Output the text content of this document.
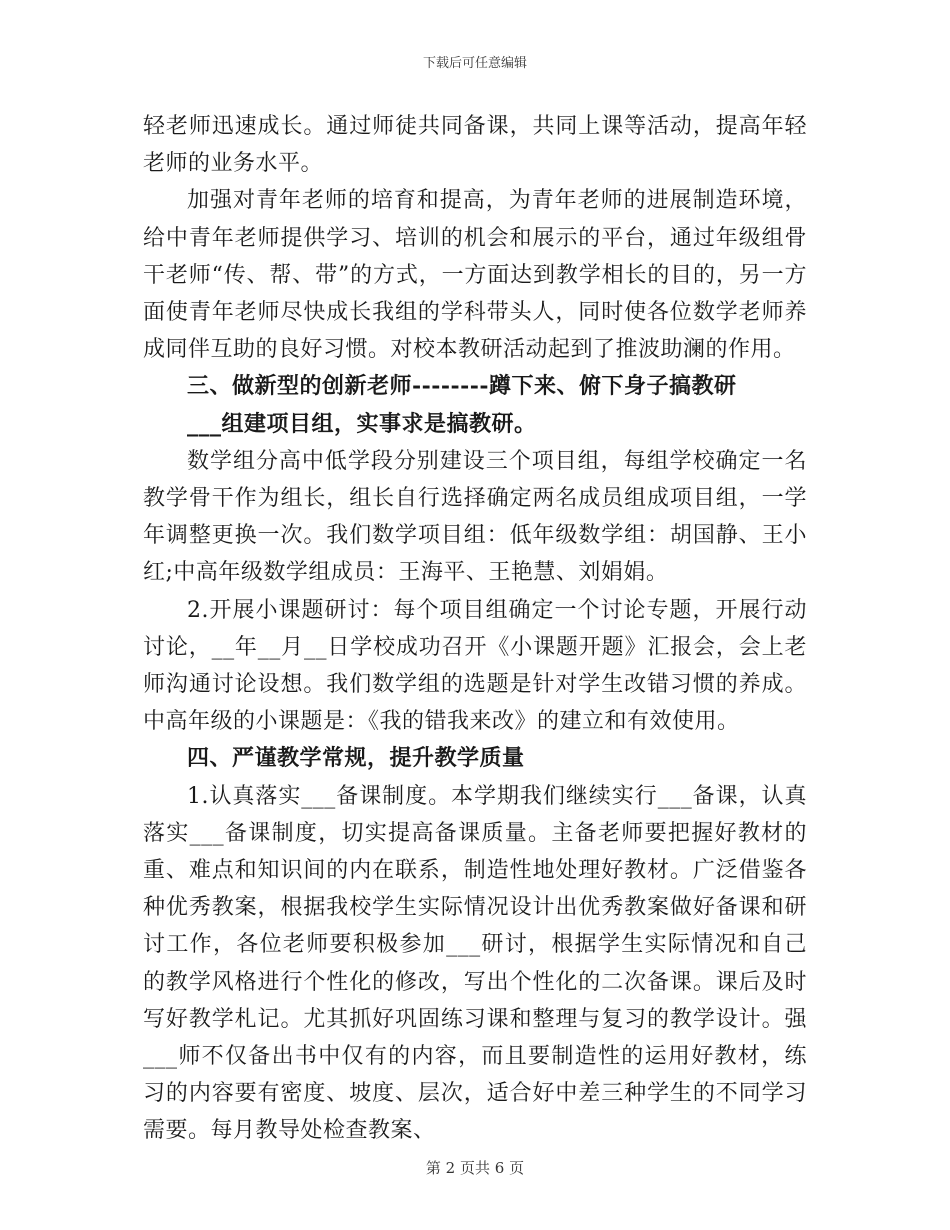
下载后可任意编辑

轻老师迅速成长。通过师徒共同备课，共同上课等活动，提高年轻老师的业务水平。

加强对青年老师的培育和提高，为青年老师的进展制造环境，给中青年老师提供学习、培训的机会和展示的平台，通过年级组骨干老师“传、帮、带”的方式，一方面达到教学相长的目的，另一方面使青年老师尽快成长我组的学科带头人，同时使各位数学老师养成同伴互助的良好习惯。对校本教研活动起到了推波助澜的作用。

三、做新型的创新老师--------蹲下来、俯下身子搞教研

___组建项目组，实事求是搞教研。

数学组分高中低学段分别建设三个项目组，每组学校确定一名教学骨干作为组长，组长自行选择确定两名成员组成项目组，一学年调整更换一次。我们数学项目组：低年级数学组：胡国静、王小红;中高年级数学组成员：王海平、王艳慧、刘娟娟。

2.开展小课题研讨：每个项目组确定一个讨论专题，开展行动讨论，__年__月__日学校成功召开《小课题开题》汇报会，会上老师沟通讨论设想。我们数学组的选题是针对学生改错习惯的养成。中高年级的小课题是：《我的错我来改》的建立和有效使用。

四、严谨教学常规，提升教学质量

1.认真落实___备课制度。本学期我们继续实行___备课，认真落实___备课制度，切实提高备课质量。主备老师要把握好教材的重、难点和知识间的内在联系，制造性地处理好教材。广泛借鉴各种优秀教案，根据我校学生实际情况设计出优秀教案做好备课和研讨工作，各位老师要积极参加___研讨，根据学生实际情况和自己的教学风格进行个性化的修改，写出个性化的二次备课。课后及时写好教学札记。尤其抓好巩固练习课和整理与复习的教学设计。强___师不仅备出书中仅有的内容，而且要制造性的运用好教材，练习的内容要有密度、坡度、层次，适合好中差三种学生的不同学习需要。每月教导处检查教案、

第 2 页共 6 页
